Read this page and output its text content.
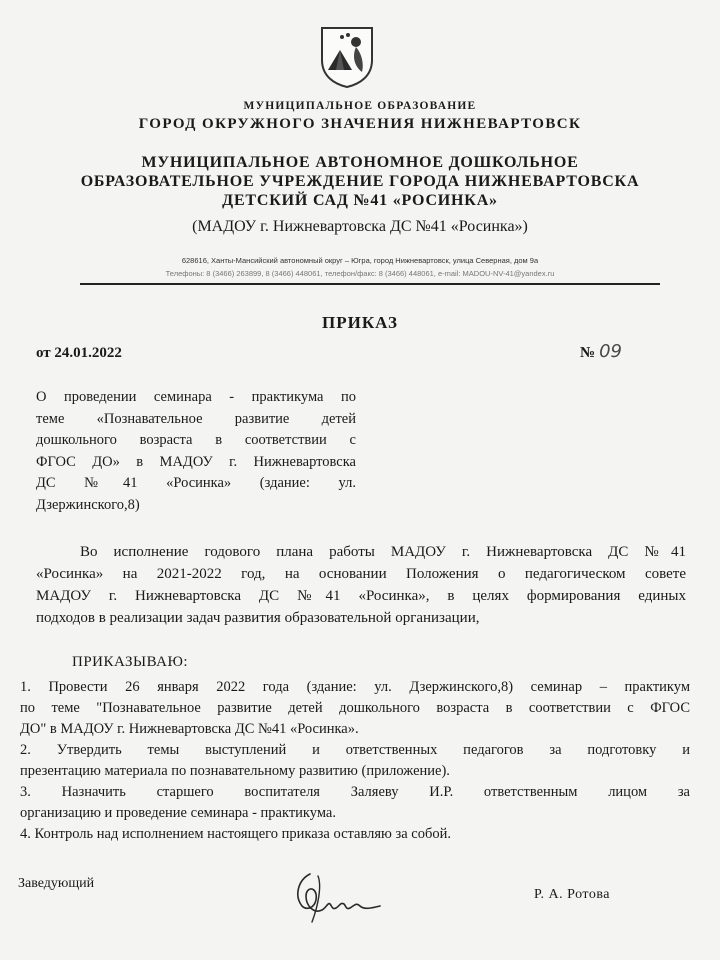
МУНИЦИПАЛЬНОЕ ОБРАЗОВАНИЕ
ГОРОД ОКРУЖНОГО ЗНАЧЕНИЯ НИЖНЕВАРТОВСК
МУНИЦИПАЛЬНОЕ АВТОНОМНОЕ ДОШКОЛЬНОЕ
ОБРАЗОВАТЕЛЬНОЕ УЧРЕЖДЕНИЕ ГОРОДА НИЖНЕВАРТОВСКА
ДЕТСКИЙ САД №41 «РОСИНКА»
(МАДОУ г. Нижневартовска ДС №41 «Росинка»)
628616, Ханты-Мансийский автономный округ – Югра, город Нижневартовск, улица Северная, дом 9а
Телефоны: 8 (3466) 263899, 8 (3466) 448061, телефон/факс: 8 (3466) 448061, e-mail: MADOU-NV-41@yandex.ru
ПРИКАЗ
от 24.01.2022	№ 09
О проведении семинара - практикума по
теме «Познавательное развитие детей
дошкольного возраста в соответствии с
ФГОС ДО» в МАДОУ г. Нижневартовска
ДС №41 «Росинка» (здание: ул.
Дзержинского,8)
Во исполнение годового плана работы МАДОУ г. Нижневартовска ДС №41
«Росинка» на 2021-2022 год, на основании Положения о педагогическом совете
МАДОУ г. Нижневартовска ДС №41 «Росинка», в целях формирования единых
подходов в реализации задач развития образовательной организации,
ПРИКАЗЫВАЮ:
1. Провести 26 января 2022 года (здание: ул. Дзержинского,8) семинар – практикум
по теме "Познавательное развитие детей дошкольного возраста в соответствии с ФГОС
ДО" в МАДОУ г. Нижневартовска ДС №41 «Росинка».
2. Утвердить темы выступлений и ответственных педагогов за подготовку и
презентацию материала по познавательному развитию (приложение).
3. Назначить старшего воспитателя Заляеву И.Р. ответственным лицом за
организацию и проведение семинара - практикума.
4. Контроль над исполнением настоящего приказа оставляю за собой.
Заведующий
Р. А. Ротова
